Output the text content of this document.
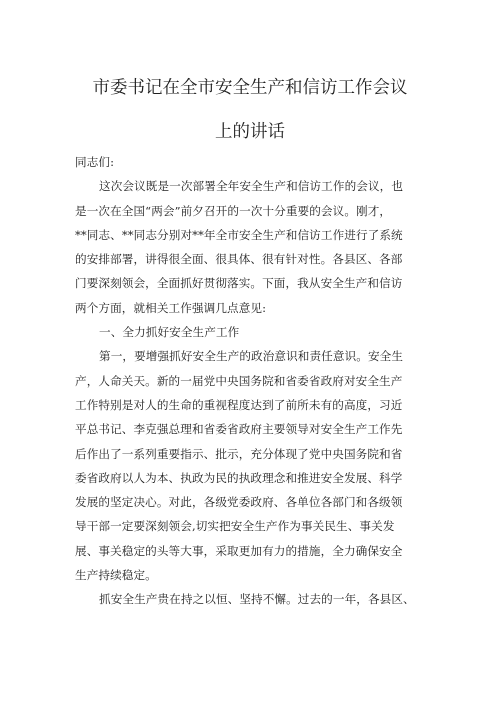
市委书记在全市安全生产和信访工作会议
上的讲话
同志们:
这次会议既是一次部署全年安全生产和信访工作的会议，也
是一次在全国“两会”前夕召开的一次十分重要的会议。刚才，
**同志、**同志分别对**年全市安全生产和信访工作进行了系统
的安排部署，讲得很全面、很具体、很有针对性。各县区、各部
门要深刻领会，全面抓好贯彻落实。下面，我从安全生产和信访
两个方面，就相关工作强调几点意见:
一、全力抓好安全生产工作
第一，要增强抓好安全生产的政治意识和责任意识。安全生
产，人命关天。新的一届党中央国务院和省委省政府对安全生产
工作特别是对人的生命的重视程度达到了前所未有的高度，习近
平总书记、李克强总理和省委省政府主要领导对安全生产工作先
后作出了一系列重要指示、批示，充分体现了党中央国务院和省
委省政府以人为本、执政为民的执政理念和推进安全发展、科学
发展的坚定决心。对此，各级党委政府、各单位各部门和各级领
导干部一定要深刻领会,切实把安全生产作为事关民生、事关发
展、事关稳定的头等大事，采取更加有力的措施，全力确保安全
生产持续稳定。
抓安全生产贵在持之以恒、坚持不懈。过去的一年，各县区、
